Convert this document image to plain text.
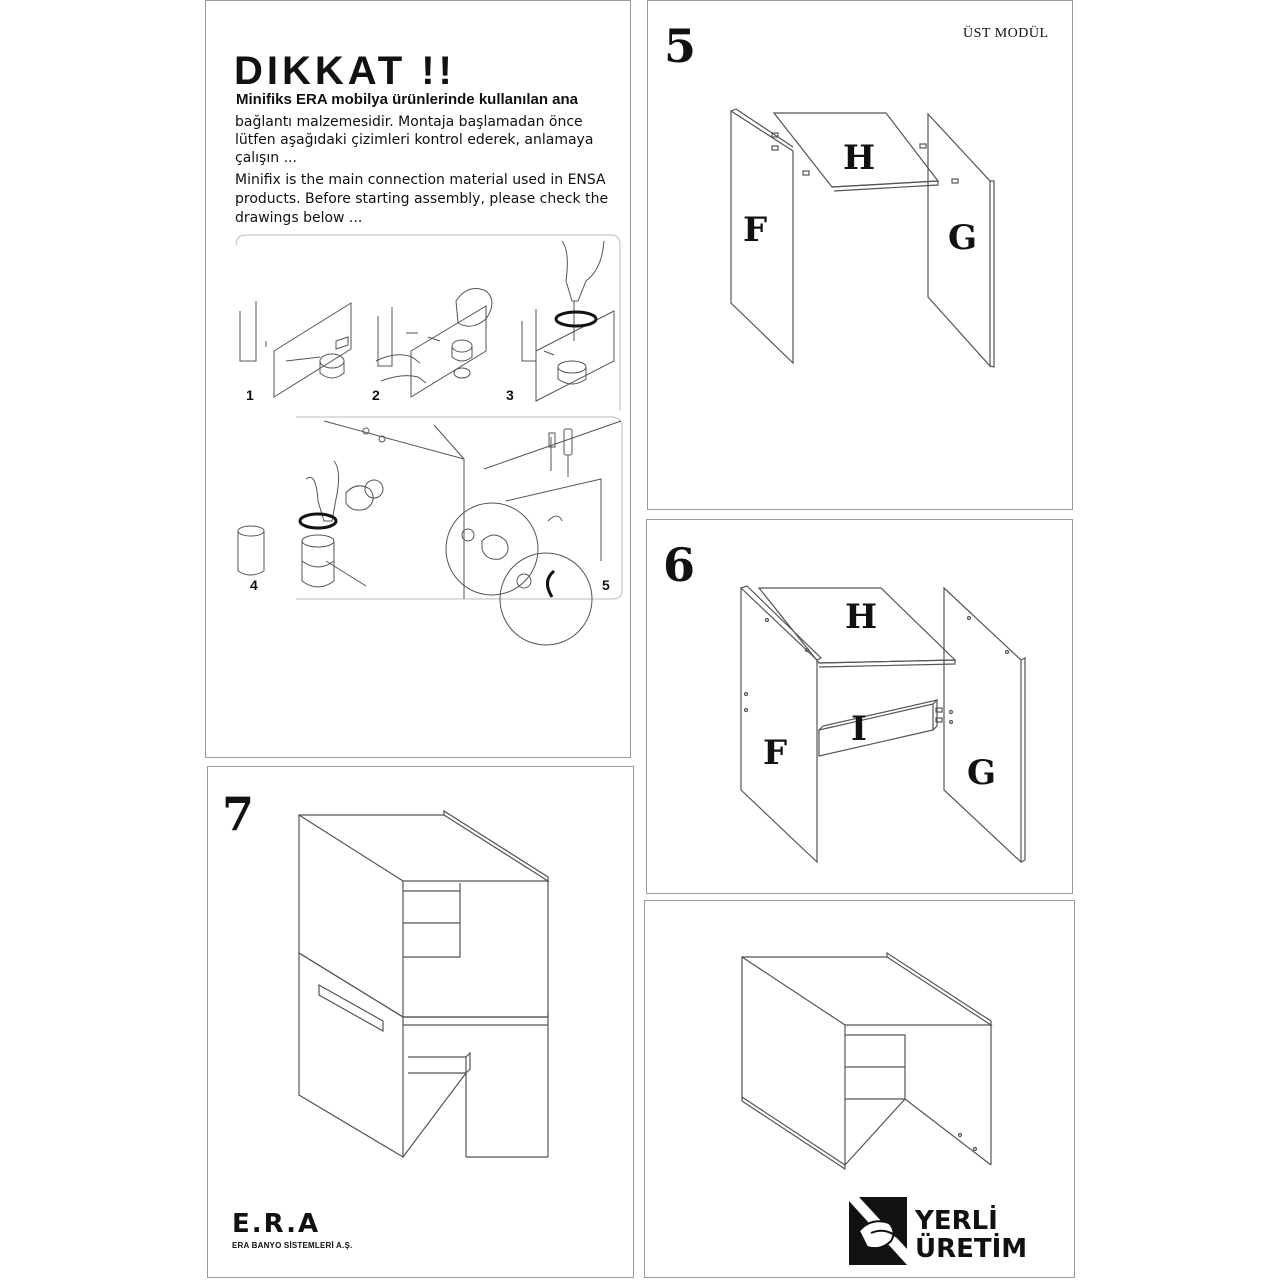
DIKKAT !!
Minifiks ERA mobilya ürünlerinde kullanılan ana
bağlantı malzemesidir. Montaja başlamadan önce lütfen aşağıdaki çizimleri kontrol ederek, anlamaya çalışın ...
Minifix is the main connection material used in ENSA products. Before starting assembly, please check the drawings below ...
1	2	3
4	5
5	ÜST MODÜL
F
H
G
6
F
H
I
G
7
E.R.A
ERA BANYO SİSTEMLERİ A.Ş.
YERLİ
ÜRETİM
